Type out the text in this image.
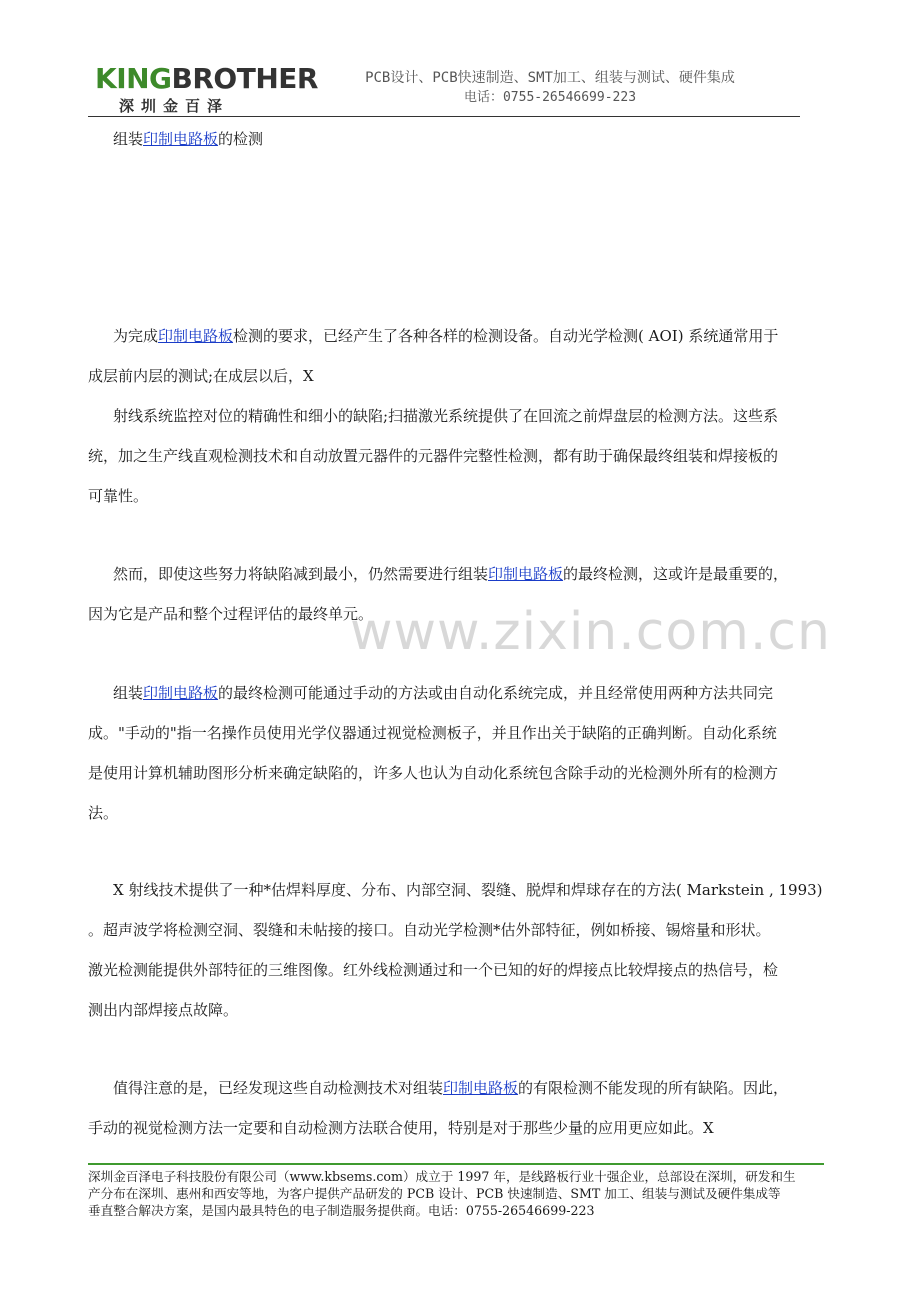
KINGBROTHER
深圳金百泽
PCB设计、PCB快速制造、SMT加工、组装与测试、硬件集成
电话：0755-26546699-223
组装印制电路板的检测
为完成印制电路板检测的要求，已经产生了各种各样的检测设备。自动光学检测( AOI) 系统通常用于
成层前内层的测试;在成层以后，X
射线系统监控对位的精确性和细小的缺陷;扫描激光系统提供了在回流之前焊盘层的检测方法。这些系
统，加之生产线直观检测技术和自动放置元器件的元器件完整性检测，都有助于确保最终组装和焊接板的
可靠性。
然而，即使这些努力将缺陷减到最小，仍然需要进行组装印制电路板的最终检测，这或许是最重要的，
因为它是产品和整个过程评估的最终单元。
组装印制电路板的最终检测可能通过手动的方法或由自动化系统完成，并且经常使用两种方法共同完
成。"手动的"指一名操作员使用光学仪器通过视觉检测板子，并且作出关于缺陷的正确判断。自动化系统
是使用计算机辅助图形分析来确定缺陷的，许多人也认为自动化系统包含除手动的光检测外所有的检测方
法。
X 射线技术提供了一种*估焊料厚度、分布、内部空洞、裂缝、脱焊和焊球存在的方法( Markstein , 1993)
。超声波学将检测空洞、裂缝和未帖接的接口。自动光学检测*估外部特征，例如桥接、锡熔量和形状。
激光检测能提供外部特征的三维图像。红外线检测通过和一个已知的好的焊接点比较焊接点的热信号，检
测出内部焊接点故障。
值得注意的是，已经发现这些自动检测技术对组装印制电路板的有限检测不能发现的所有缺陷。因此，
手动的视觉检测方法一定要和自动检测方法联合使用，特别是对于那些少量的应用更应如此。X
www.zixin.com.cn
深圳金百泽电子科技股份有限公司（www.kbsems.com）成立于 1997 年，是线路板行业十强企业，总部设在深圳，研发和生
产分布在深圳、惠州和西安等地，为客户提供产品研发的 PCB 设计、PCB 快速制造、SMT 加工、组装与测试及硬件集成等
垂直整合解决方案，是国内最具特色的电子制造服务提供商。电话：0755-26546699-223
